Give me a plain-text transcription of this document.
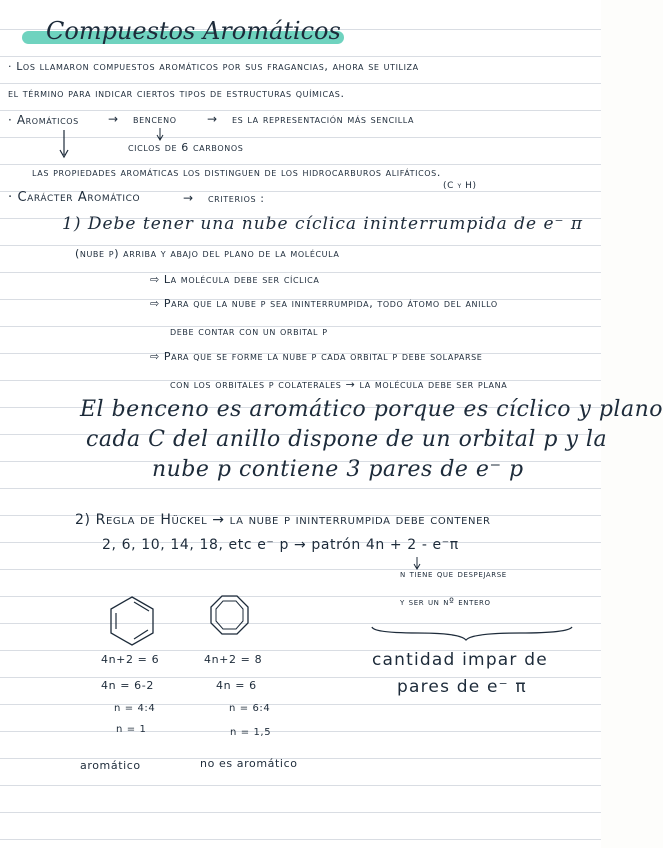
Compuestos Aromáticos
· Los llamaron compuestos aromáticos por sus fragancias, ahora se utiliza
el término para indicar ciertos tipos de estructuras químicas.
· Aromáticos → benceno	→ es la representación más sencilla
ciclos de 6 carbonos
las propiedades aromáticas los distinguen de los hidrocarburos alifáticos.
(C y H)
· Carácter Aromático	→ criterios :
1) Debe tener una nube cíclica ininterrumpida de e⁻ π
(nube p) arriba y abajo del plano de la molécula
⇨ La molécula debe ser cíclica
⇨ Para que la nube p sea ininterrumpida, todo átomo del anillo
debe contar con un orbital p
⇨ Para que se forme la nube p cada orbital p debe solaparse
con los orbitales p colaterales → la molécula debe ser plana
El benceno es aromático porque es cíclico y plano
cada C del anillo dispone de un orbital p y la
nube p contiene 3 pares de e⁻ p
2) Regla de Hückel → la nube p ininterrumpida debe contener
2, 6, 10, 14, 18, etc e⁻ p → patrón 4n + 2 - e⁻π
n tiene que despejarse
y ser un nº entero
4n+2 = 6
4n = 6-2
n = 4:4
n = 1
4n+2 = 8
4n = 6
n = 6:4
n = 1,5
cantidad impar de
pares de e⁻ π
aromático	no es aromático
